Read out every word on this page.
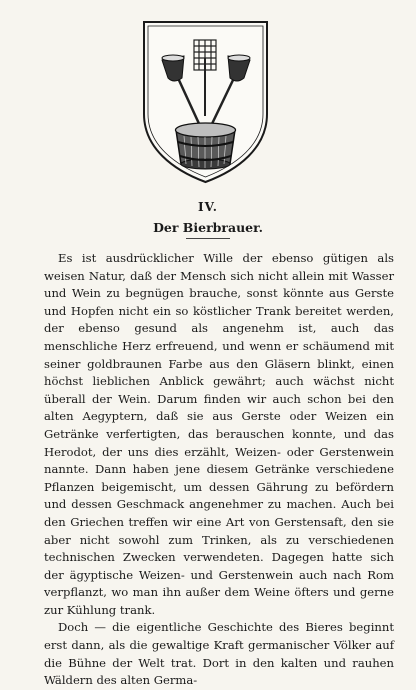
IV.
Der Bierbrauer.

Es ist ausdrücklicher Wille der ebenso gütigen als weisen Natur, daß der Mensch sich nicht allein mit Wasser und Wein zu begnügen brauche, sonst könnte aus Gerste und Hopfen nicht ein so köstlicher Trank bereitet werden, der ebenso gesund als angenehm ist, auch das menschliche Herz erfreuend, und wenn er schäumend mit seiner goldbraunen Farbe aus den Gläsern blinkt, einen höchst lieblichen Anblick gewährt; auch wächst nicht überall der Wein. Darum finden wir auch schon bei den alten Aegyptern, daß sie aus Gerste oder Weizen ein Getränke verfertigten, das berauschen konnte, und das Herodot, der uns dies erzählt, Weizen- oder Gerstenwein nannte. Dann haben jene diesem Getränke verschiedene Pflanzen beigemischt, um dessen Gährung zu befördern und dessen Geschmack angenehmer zu machen. Auch bei den Griechen treffen wir eine Art von Gerstensaft, den sie aber nicht sowohl zum Trinken, als zu verschiedenen technischen Zwecken verwendeten. Dagegen hatte sich der ägyptische Weizen- und Gerstenwein auch nach Rom verpflanzt, wo man ihn außer dem Weine öfters und gerne zur Kühlung trank.

Doch — die eigentliche Geschichte des Bieres beginnt erst dann, als die gewaltige Kraft germanischer Völker auf die Bühne der Welt trat. Dort in den kalten und rauhen Wäldern des alten Germa-
